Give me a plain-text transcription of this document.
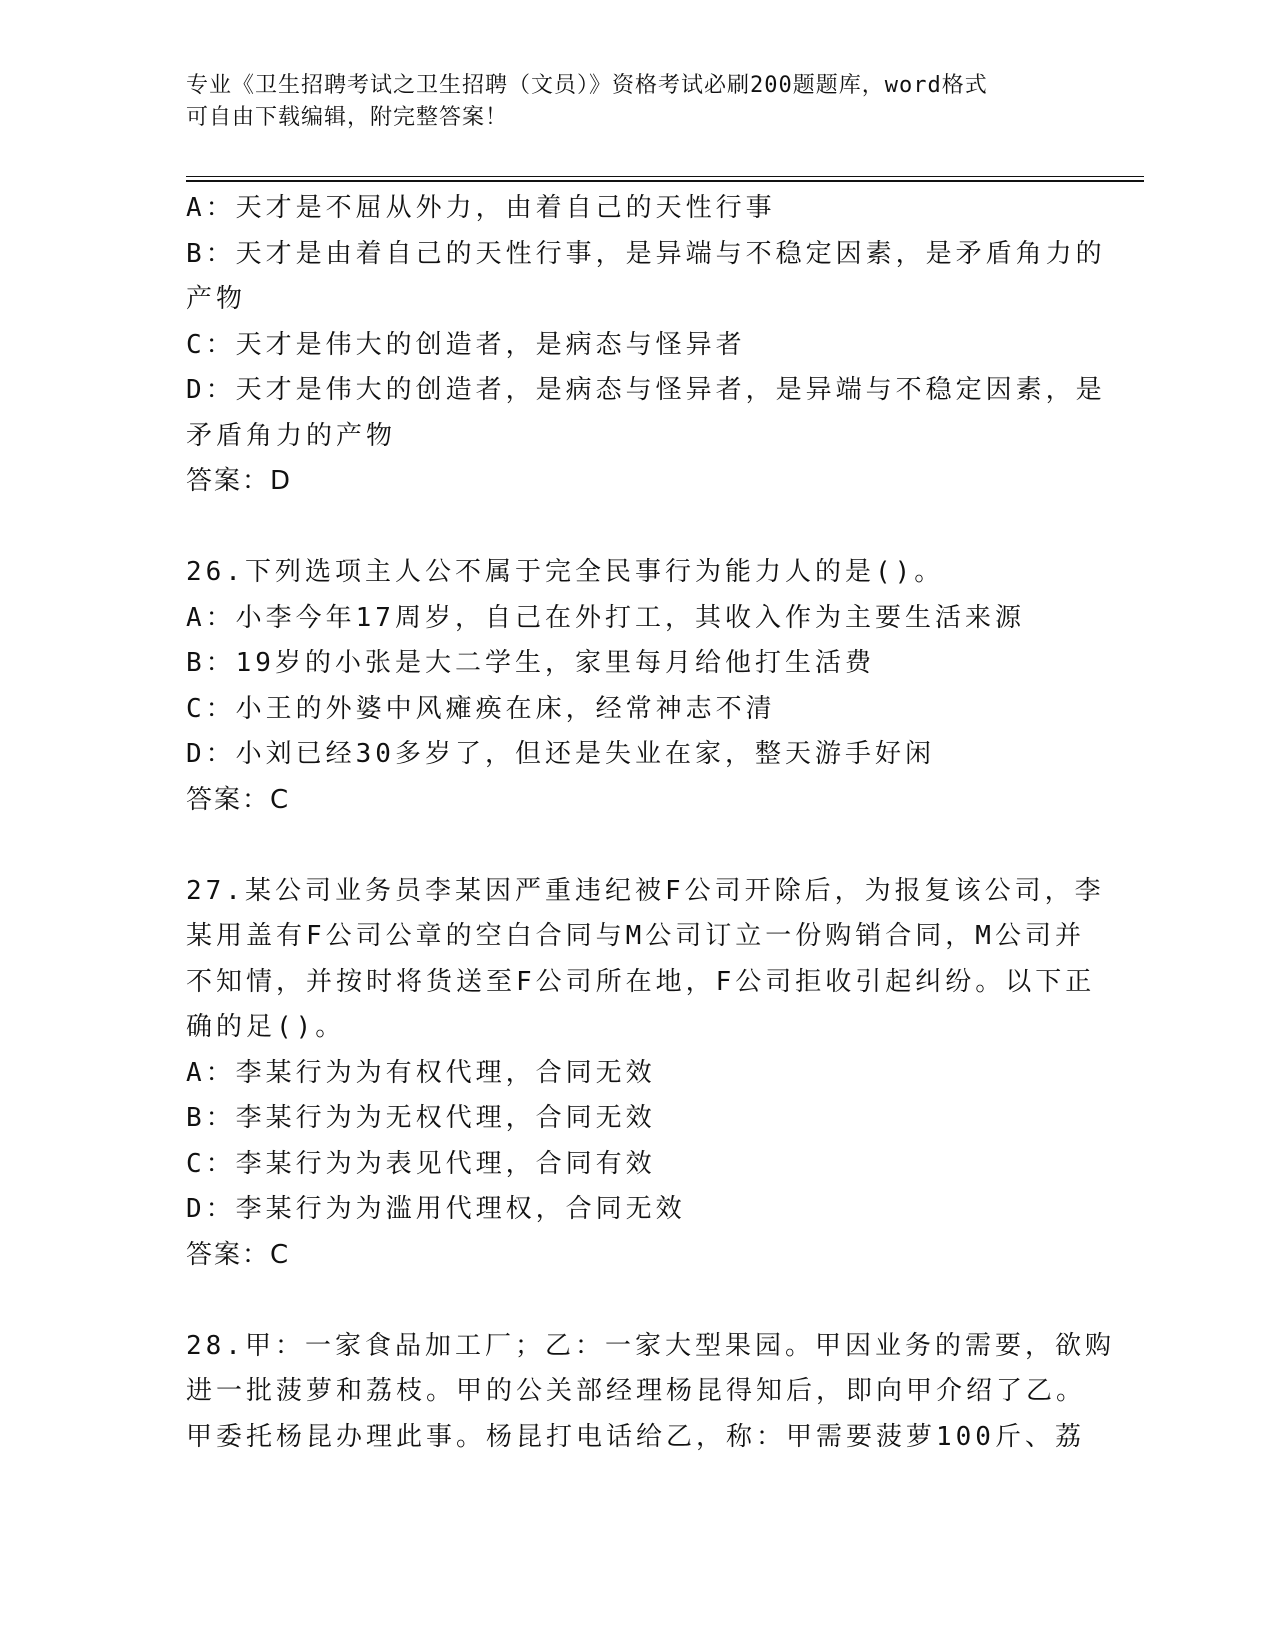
专业《卫生招聘考试之卫生招聘（文员）》资格考试必刷200题题库，word格式
可自由下载编辑，附完整答案！
A：天才是不屈从外力，由着自己的天性行事
B：天才是由着自己的天性行事，是异端与不稳定因素，是矛盾角力的
产物
C：天才是伟大的创造者，是病态与怪异者
D：天才是伟大的创造者，是病态与怪异者，是异端与不稳定因素，是
矛盾角力的产物
答案：D
26.下列选项主人公不属于完全民事行为能力人的是()。
A：小李今年17周岁，自己在外打工，其收入作为主要生活来源
B：19岁的小张是大二学生，家里每月给他打生活费
C：小王的外婆中风瘫痪在床，经常神志不清
D：小刘已经30多岁了，但还是失业在家，整天游手好闲
答案：C
27.某公司业务员李某因严重违纪被F公司开除后，为报复该公司，李
某用盖有F公司公章的空白合同与M公司订立一份购销合同，M公司并
不知情，并按时将货送至F公司所在地，F公司拒收引起纠纷。以下正
确的足()。
A：李某行为为有权代理，合同无效
B：李某行为为无权代理，合同无效
C：李某行为为表见代理，合同有效
D：李某行为为滥用代理权，合同无效
答案：C
28.甲：一家食品加工厂；乙：一家大型果园。甲因业务的需要，欲购
进一批菠萝和荔枝。甲的公关部经理杨昆得知后，即向甲介绍了乙。
甲委托杨昆办理此事。杨昆打电话给乙，称：甲需要菠萝100斤、荔
